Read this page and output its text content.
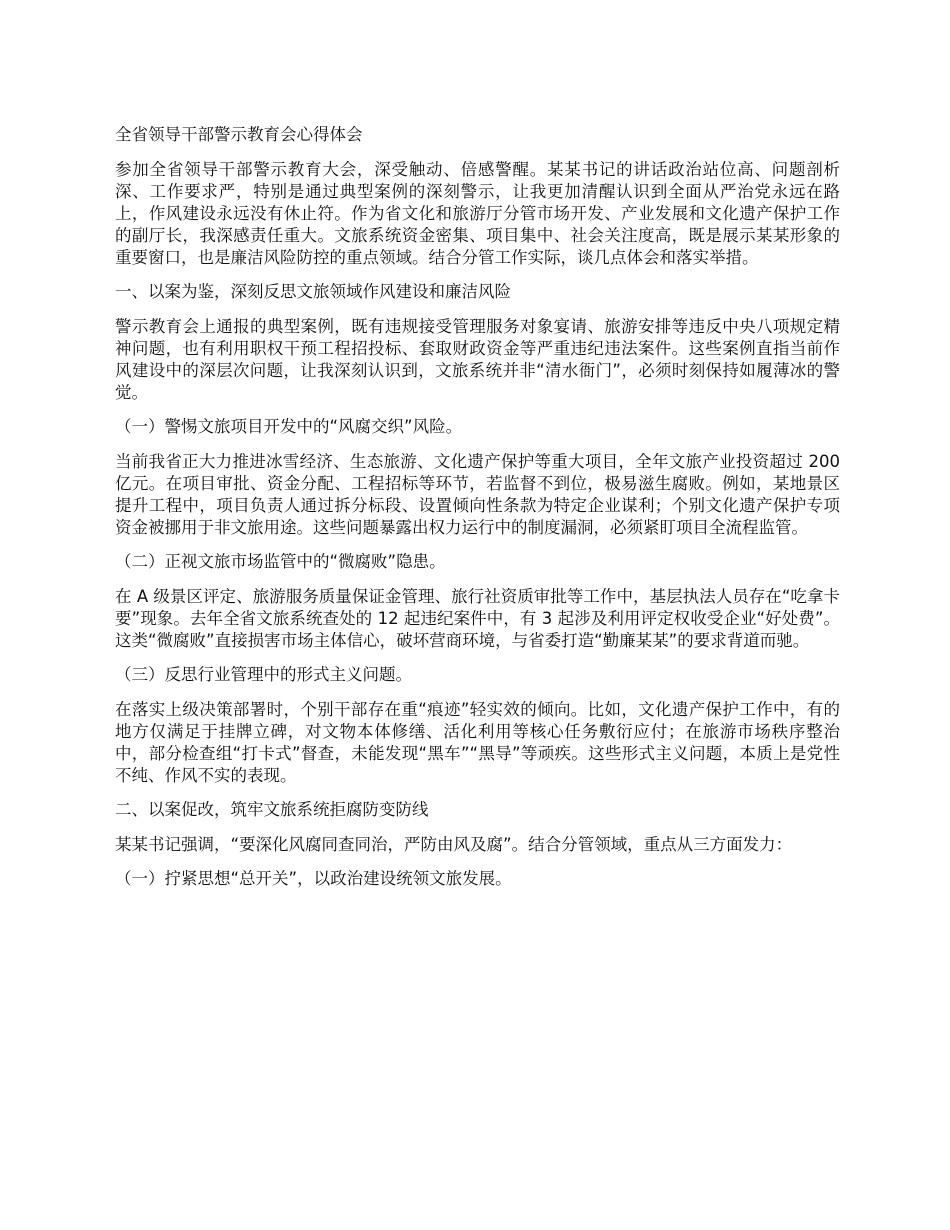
全省领导干部警示教育会心得体会

参加全省领导干部警示教育大会，深受触动、倍感警醒。某某书记的讲话政治站位高、问题剖析深、工作要求严，特别是通过典型案例的深刻警示，让我更加清醒认识到全面从严治党永远在路上，作风建设永远没有休止符。作为省文化和旅游厅分管市场开发、产业发展和文化遗产保护工作的副厅长，我深感责任重大。文旅系统资金密集、项目集中、社会关注度高，既是展示某某形象的重要窗口，也是廉洁风险防控的重点领域。结合分管工作实际，谈几点体会和落实举措。

一、以案为鉴，深刻反思文旅领域作风建设和廉洁风险

警示教育会上通报的典型案例，既有违规接受管理服务对象宴请、旅游安排等违反中央八项规定精神问题，也有利用职权干预工程招投标、套取财政资金等严重违纪违法案件。这些案例直指当前作风建设中的深层次问题，让我深刻认识到，文旅系统并非“清水衙门”，必须时刻保持如履薄冰的警觉。

（一）警惕文旅项目开发中的“风腐交织”风险。

当前我省正大力推进冰雪经济、生态旅游、文化遗产保护等重大项目，全年文旅产业投资超过 200 亿元。在项目审批、资金分配、工程招标等环节，若监督不到位，极易滋生腐败。例如，某地景区提升工程中，项目负责人通过拆分标段、设置倾向性条款为特定企业谋利；个别文化遗产保护专项资金被挪用于非文旅用途。这些问题暴露出权力运行中的制度漏洞，必须紧盯项目全流程监管。

（二）正视文旅市场监管中的“微腐败”隐患。

在 A 级景区评定、旅游服务质量保证金管理、旅行社资质审批等工作中，基层执法人员存在“吃拿卡要”现象。去年全省文旅系统查处的 12 起违纪案件中，有 3 起涉及利用评定权收受企业“好处费”。这类“微腐败”直接损害市场主体信心，破坏营商环境，与省委打造“勤廉某某”的要求背道而驰。

（三）反思行业管理中的形式主义问题。

在落实上级决策部署时，个别干部存在重“痕迹”轻实效的倾向。比如，文化遗产保护工作中，有的地方仅满足于挂牌立碑，对文物本体修缮、活化利用等核心任务敷衍应付；在旅游市场秩序整治中，部分检查组“打卡式”督查，未能发现“黑车”“黑导”等顽疾。这些形式主义问题，本质上是党性不纯、作风不实的表现。

二、以案促改，筑牢文旅系统拒腐防变防线

某某书记强调，“要深化风腐同查同治，严防由风及腐”。结合分管领域，重点从三方面发力：

（一）拧紧思想“总开关”，以政治建设统领文旅发展。
